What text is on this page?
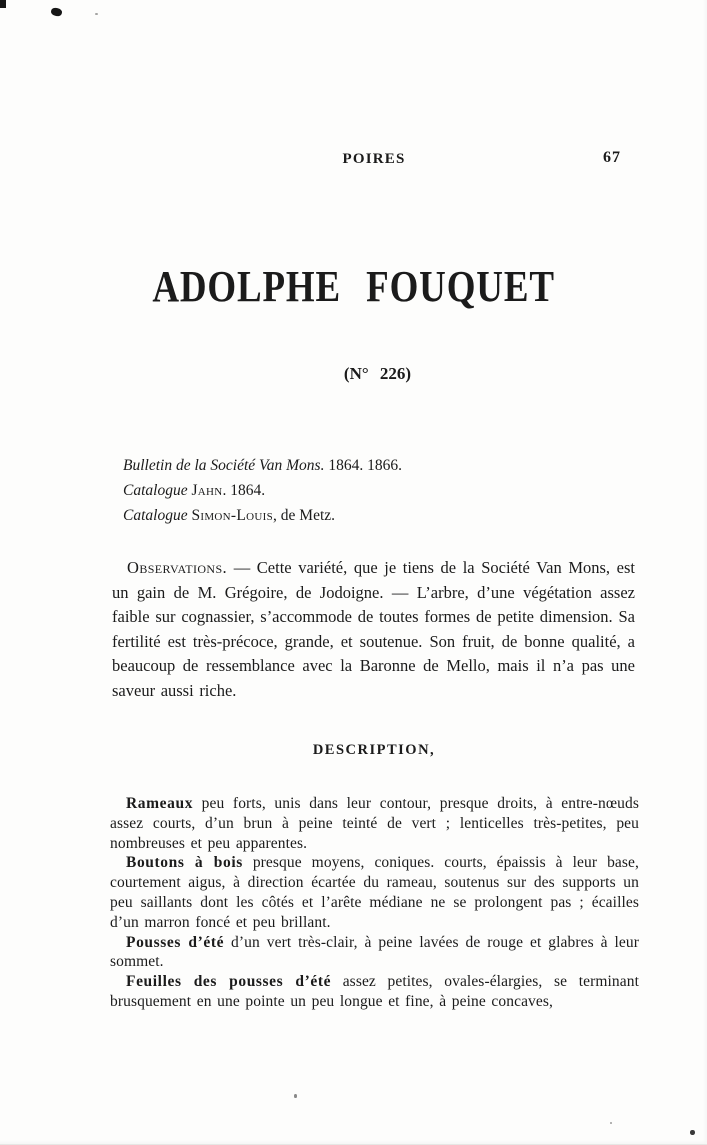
POIRES	67
ADOLPHE FOUQUET
(N° 226)
Bulletin de la Société Van Mons. 1864. 1866.
Catalogue Jahn. 1864.
Catalogue Simon-Louis, de Metz.
Observations. — Cette variété, que je tiens de la Société Van Mons, est un gain de M. Grégoire, de Jodoigne. — L’arbre, d’une végétation assez faible sur cognassier, s’accommode de toutes formes de petite dimension. Sa fertilité est très-précoce, grande, et soutenue. Son fruit, de bonne qualité, a beaucoup de ressemblance avec la Baronne de Mello, mais il n’a pas une saveur aussi riche.
DESCRIPTION,

Rameaux peu forts, unis dans leur contour, presque droits, à entre-nœuds assez courts, d’un brun à peine teinté de vert ; lenticelles très-petites, peu nombreuses et peu apparentes.

Boutons à bois presque moyens, coniques. courts, épaissis à leur base, courtement aigus, à direction écartée du rameau, soutenus sur des supports un peu saillants dont les côtés et l’arête médiane ne se prolongent pas ; écailles d’un marron foncé et peu brillant.

Pousses d’été d’un vert très-clair, à peine lavées de rouge et glabres à leur sommet.

Feuilles des pousses d’été assez petites, ovales-élargies, se terminant brusquement en une pointe un peu longue et fine, à peine concaves,
